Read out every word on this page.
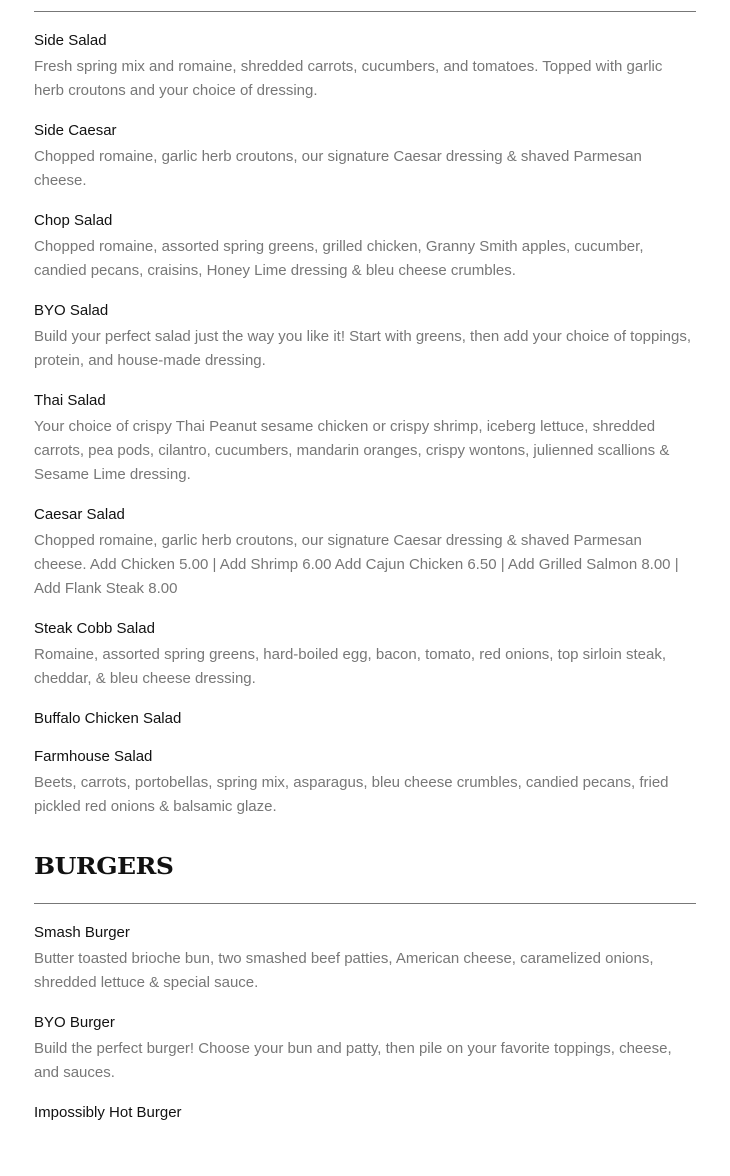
Side Salad
Fresh spring mix and romaine, shredded carrots, cucumbers, and tomatoes. Topped with garlic herb croutons and your choice of dressing.
Side Caesar
Chopped romaine, garlic herb croutons, our signature Caesar dressing & shaved Parmesan cheese.
Chop Salad
Chopped romaine, assorted spring greens, grilled chicken, Granny Smith apples, cucumber, candied pecans, craisins, Honey Lime dressing & bleu cheese crumbles.
BYO Salad
Build your perfect salad just the way you like it! Start with greens, then add your choice of toppings, protein, and house-made dressing.
Thai Salad
Your choice of crispy Thai Peanut sesame chicken or crispy shrimp, iceberg lettuce, shredded carrots, pea pods, cilantro, cucumbers, mandarin oranges, crispy wontons, julienned scallions & Sesame Lime dressing.
Caesar Salad
Chopped romaine, garlic herb croutons, our signature Caesar dressing & shaved Parmesan cheese. Add Chicken 5.00 | Add Shrimp 6.00 Add Cajun Chicken 6.50 | Add Grilled Salmon 8.00 | Add Flank Steak 8.00
Steak Cobb Salad
Romaine, assorted spring greens, hard-boiled egg, bacon, tomato, red onions, top sirloin steak, cheddar, & bleu cheese dressing.
Buffalo Chicken Salad
Farmhouse Salad
Beets, carrots, portobellas, spring mix, asparagus, bleu cheese crumbles, candied pecans, fried pickled red onions & balsamic glaze.
BURGERS
Smash Burger
Butter toasted brioche bun, two smashed beef patties, American cheese, caramelized onions, shredded lettuce & special sauce.
BYO Burger
Build the perfect burger! Choose your bun and patty, then pile on your favorite toppings, cheese, and sauces.
Impossibly Hot Burger
